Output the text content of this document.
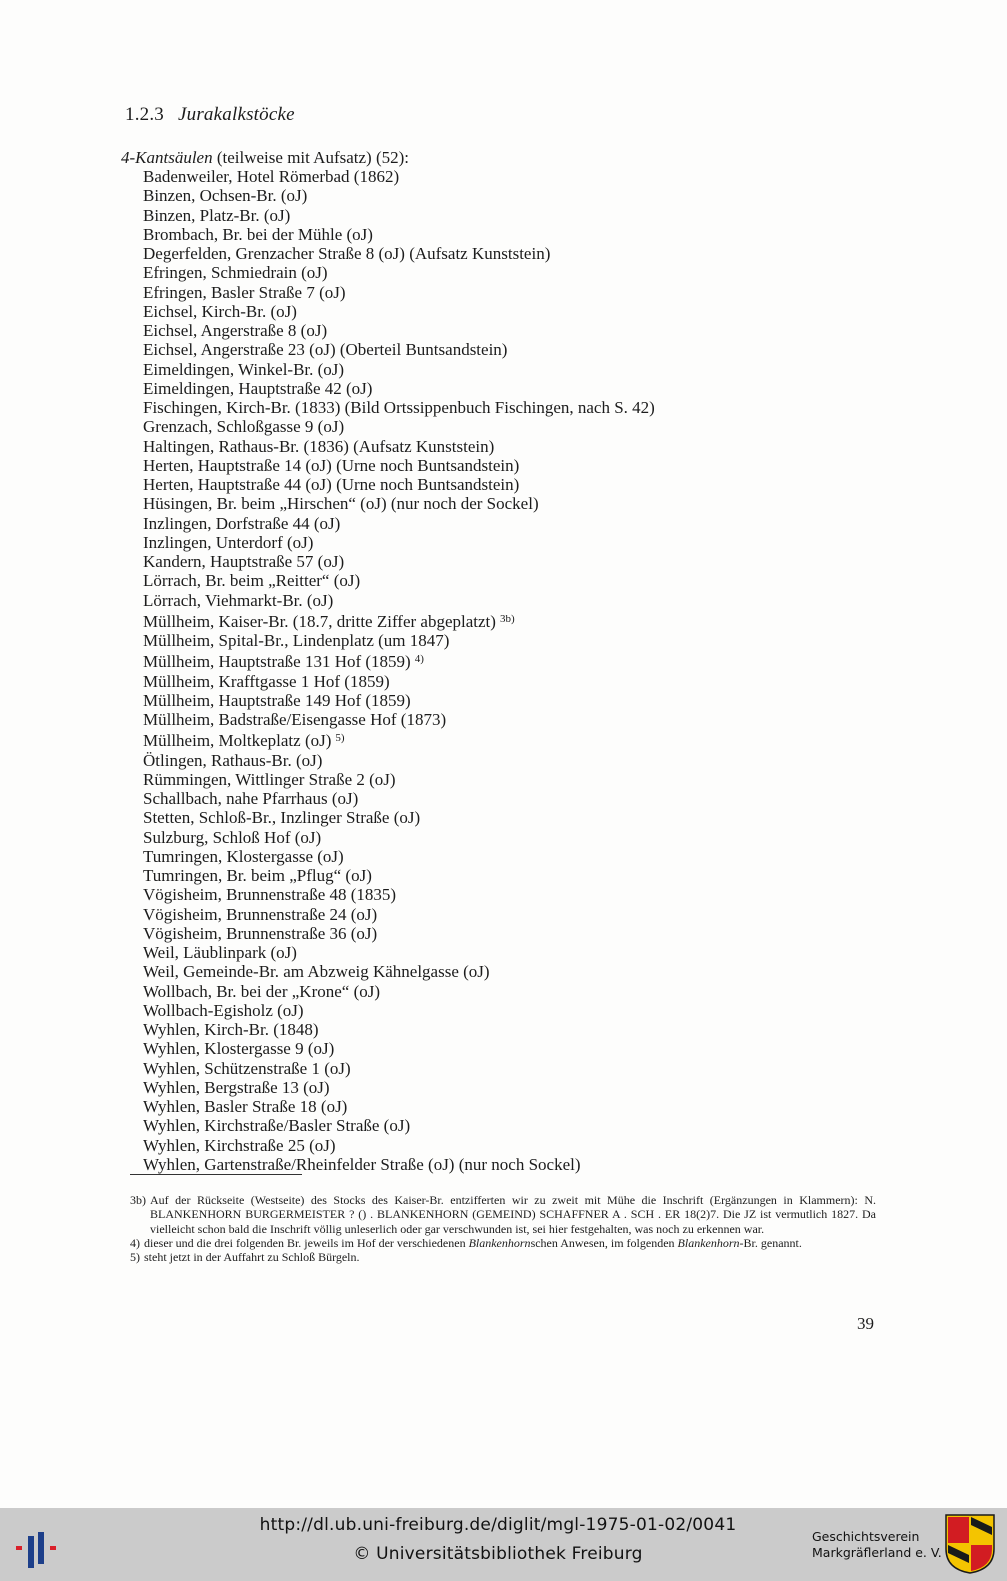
1.2.3 Jurakalkstöcke
4-Kantsäulen (teilweise mit Aufsatz) (52):
Badenweiler, Hotel Römerbad (1862)
Binzen, Ochsen-Br. (oJ)
Binzen, Platz-Br. (oJ)
Brombach, Br. bei der Mühle (oJ)
Degerfelden, Grenzacher Straße 8 (oJ) (Aufsatz Kunststein)
Efringen, Schmiedrain (oJ)
Efringen, Basler Straße 7 (oJ)
Eichsel, Kirch-Br. (oJ)
Eichsel, Angerstraße 8 (oJ)
Eichsel, Angerstraße 23 (oJ) (Oberteil Buntsandstein)
Eimeldingen, Winkel-Br. (oJ)
Eimeldingen, Hauptstraße 42 (oJ)
Fischingen, Kirch-Br. (1833) (Bild Ortssippenbuch Fischingen, nach S. 42)
Grenzach, Schloßgasse 9 (oJ)
Haltingen, Rathaus-Br. (1836) (Aufsatz Kunststein)
Herten, Hauptstraße 14 (oJ) (Urne noch Buntsandstein)
Herten, Hauptstraße 44 (oJ) (Urne noch Buntsandstein)
Hüsingen, Br. beim „Hirschen“ (oJ) (nur noch der Sockel)
Inzlingen, Dorfstraße 44 (oJ)
Inzlingen, Unterdorf (oJ)
Kandern, Hauptstraße 57 (oJ)
Lörrach, Br. beim „Reitter“ (oJ)
Lörrach, Viehmarkt-Br. (oJ)
Müllheim, Kaiser-Br. (18.7, dritte Ziffer abgeplatzt) $^{3b)}$
Müllheim, Spital-Br., Lindenplatz (um 1847)
Müllheim, Hauptstraße 131 Hof (1859) $^{4)}$
Müllheim, Krafftgasse 1 Hof (1859)
Müllheim, Hauptstraße 149 Hof (1859)
Müllheim, Badstraße/Eisengasse Hof (1873)
Müllheim, Moltkeplatz (oJ) $^{5)}$
Ötlingen, Rathaus-Br. (oJ)
Rümmingen, Wittlinger Straße 2 (oJ)
Schallbach, nahe Pfarrhaus (oJ)
Stetten, Schloß-Br., Inzlinger Straße (oJ)
Sulzburg, Schloß Hof (oJ)
Tumringen, Klostergasse (oJ)
Tumringen, Br. beim „Pflug“ (oJ)
Vögisheim, Brunnenstraße 48 (1835)
Vögisheim, Brunnenstraße 24 (oJ)
Vögisheim, Brunnenstraße 36 (oJ)
Weil, Läublinpark (oJ)
Weil, Gemeinde-Br. am Abzweig Kähnelgasse (oJ)
Wollbach, Br. bei der „Krone“ (oJ)
Wollbach-Egisholz (oJ)
Wyhlen, Kirch-Br. (1848)
Wyhlen, Klostergasse 9 (oJ)
Wyhlen, Schützenstraße 1 (oJ)
Wyhlen, Bergstraße 13 (oJ)
Wyhlen, Basler Straße 18 (oJ)
Wyhlen, Kirchstraße/Basler Straße (oJ)
Wyhlen, Kirchstraße 25 (oJ)
Wyhlen, Gartenstraße/Rheinfelder Straße (oJ) (nur noch Sockel)
3b) Auf der Rückseite (Westseite) des Stocks des Kaiser-Br. entzifferten wir zu zweit mit Mühe die Inschrift (Ergänzungen in Klammern): N. BLANKENHORN BURGERMEISTER ? () . BLANKENHORN (GEMEIND) SCHAFFNER A . SCH . ER 18(2)7. Die JZ ist vermutlich 1827. Da vielleicht schon bald die Inschrift völlig unleserlich oder gar verschwunden ist, sei hier festgehalten, was noch zu erkennen war.
4) dieser und die drei folgenden Br. jeweils im Hof der verschiedenen Blankenhornschen Anwesen, im folgenden Blankenhorn-Br. genannt.
5) steht jetzt in der Auffahrt zu Schloß Bürgeln.
39
http://dl.ub.uni-freiburg.de/diglit/mgl-1975-01-02/0041
© Universitätsbibliothek Freiburg
Geschichtsverein
Markgräflerland e. V.
